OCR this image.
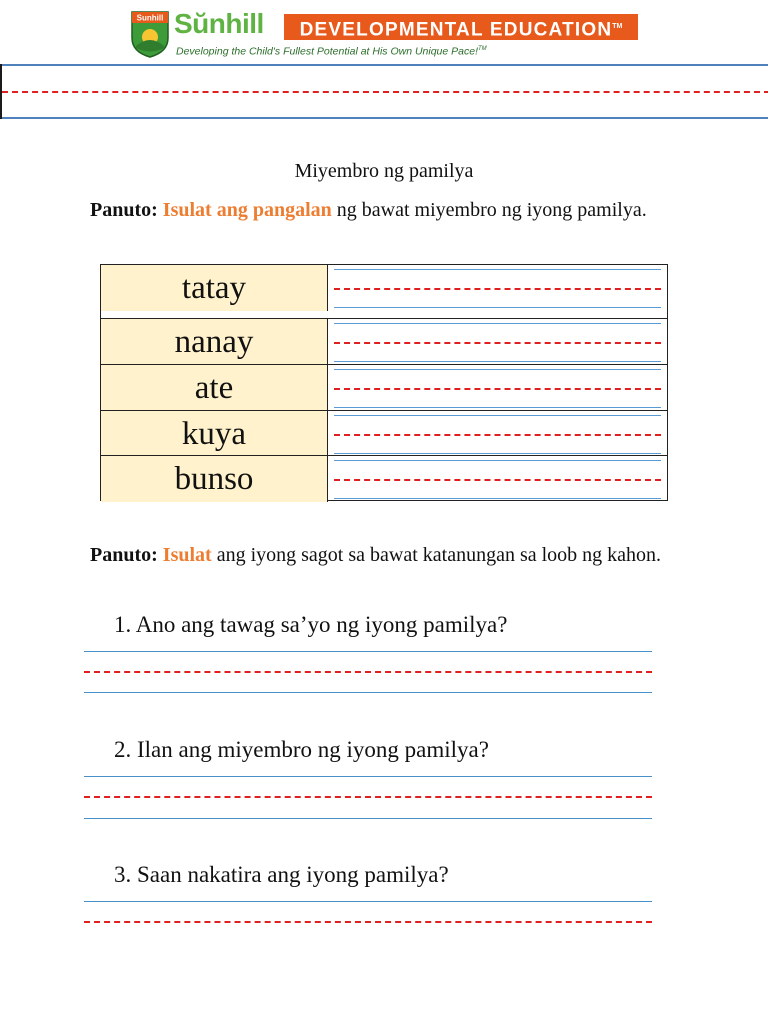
Sunhill Sŭnhill	DEVELOPMENTAL EDUCATION™
Developing the Child's Fullest Potential at His Own Unique Pace!™
Miyembro ng pamilya
Panuto: Isulat ang pangalan ng bawat miyembro ng iyong pamilya.
tatay
nanay
ate
kuya
bunso
Panuto: Isulat ang iyong sagot sa bawat katanungan sa loob ng kahon.
1. Ano ang tawag sa’yo ng iyong pamilya?
2. Ilan ang miyembro ng iyong pamilya?
3. Saan nakatira ang iyong pamilya?
